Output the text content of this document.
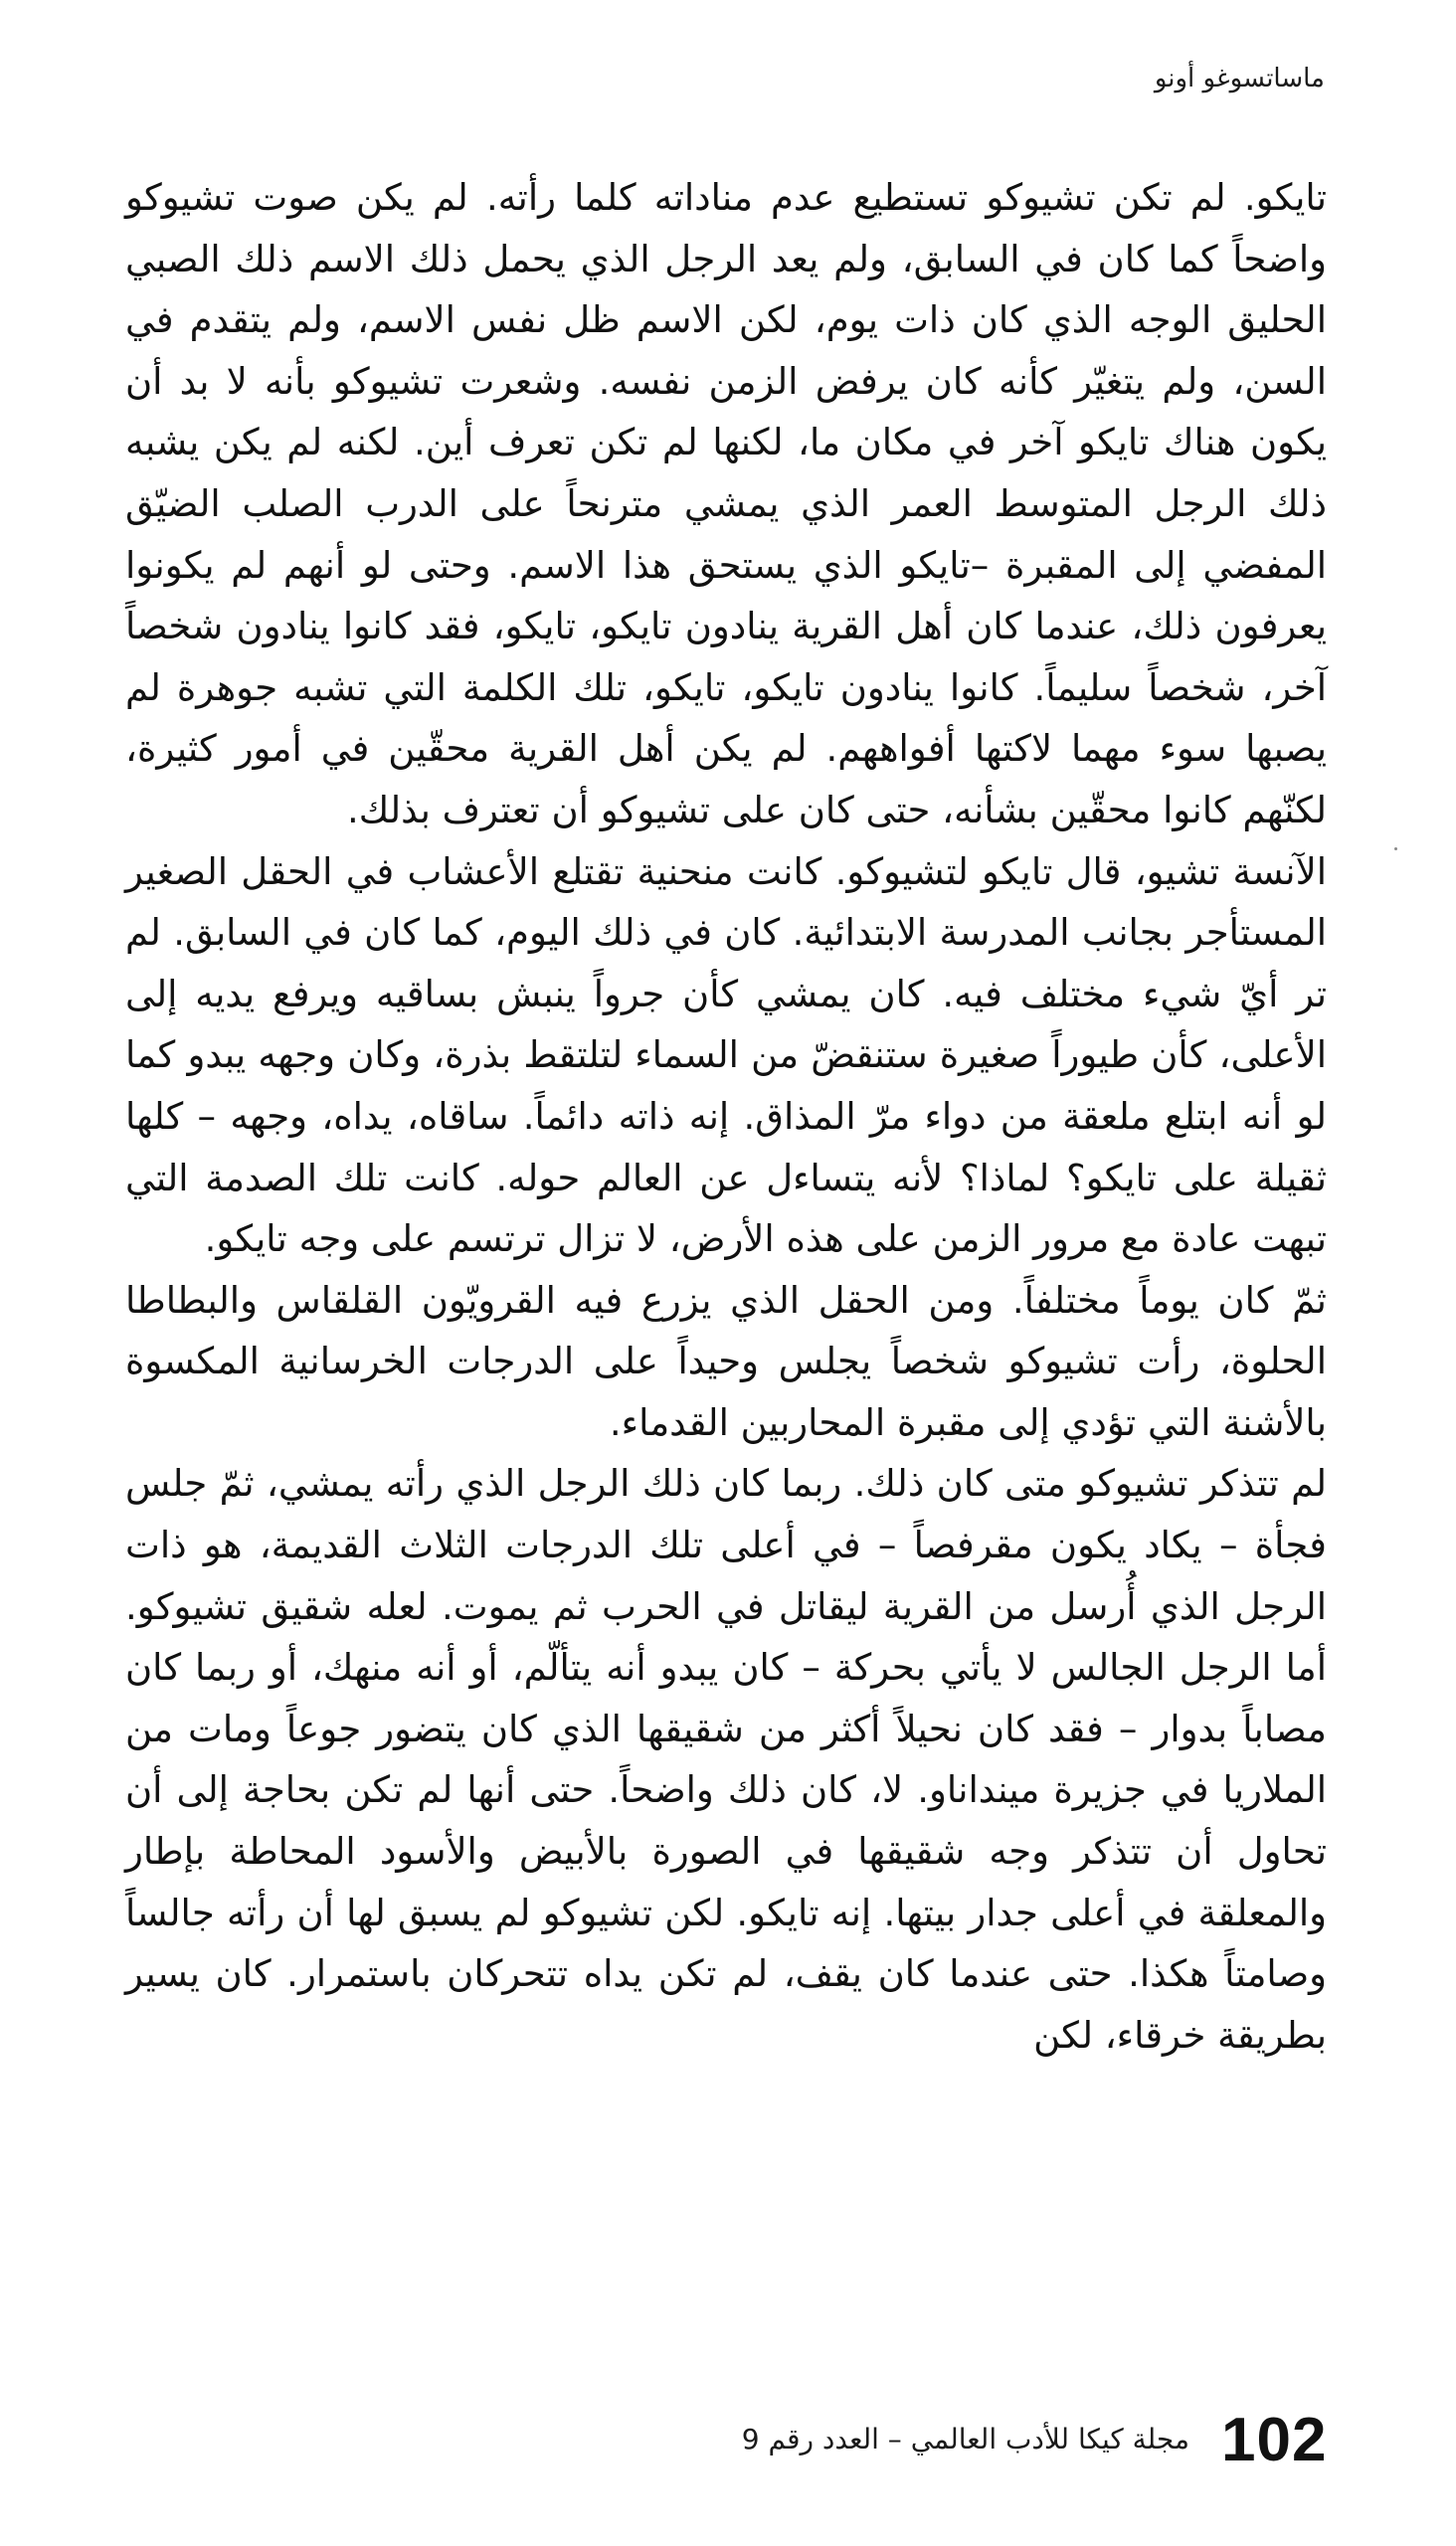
ماساتسوغو أونو

تايكو. لم تكن تشيوكو تستطيع عدم مناداته كلما رأته. لم يكن صوت تشيوكو واضحاً كما كان في السابق، ولم يعد الرجل الذي يحمل ذلك الاسم ذلك الصبي الحليق الوجه الذي كان ذات يوم، لكن الاسم ظل نفس الاسم، ولم يتقدم في السن، ولم يتغيّر كأنه كان يرفض الزمن نفسه. وشعرت تشيوكو بأنه لا بد أن يكون هناك تايكو آخر في مكان ما، لكنها لم تكن تعرف أين. لكنه لم يكن يشبه ذلك الرجل المتوسط العمر الذي يمشي مترنحاً على الدرب الصلب الضيّق المفضي إلى المقبرة –تايكو الذي يستحق هذا الاسم. وحتى لو أنهم لم يكونوا يعرفون ذلك، عندما كان أهل القرية ينادون تايكو، تايكو، فقد كانوا ينادون شخصاً آخر، شخصاً سليماً. كانوا ينادون تايكو، تايكو، تلك الكلمة التي تشبه جوهرة لم يصبها سوء مهما لاكتها أفواههم. لم يكن أهل القرية محقّين في أمور كثيرة، لكنّهم كانوا محقّين بشأنه، حتى كان على تشيوكو أن تعترف بذلك.

الآنسة تشيو، قال تايكو لتشيوكو. كانت منحنية تقتلع الأعشاب في الحقل الصغير المستأجر بجانب المدرسة الابتدائية. كان في ذلك اليوم، كما كان في السابق. لم تر أيّ شيء مختلف فيه. كان يمشي كأن جرواً ينبش بساقيه ويرفع يديه إلى الأعلى، كأن طيوراً صغيرة ستنقضّ من السماء لتلتقط بذرة، وكان وجهه يبدو كما لو أنه ابتلع ملعقة من دواء مرّ المذاق. إنه ذاته دائماً. ساقاه، يداه، وجهه – كلها ثقيلة على تايكو؟ لماذا؟ لأنه يتساءل عن العالم حوله. كانت تلك الصدمة التي تبهت عادة مع مرور الزمن على هذه الأرض، لا تزال ترتسم على وجه تايكو.

ثمّ كان يوماً مختلفاً. ومن الحقل الذي يزرع فيه القرويّون القلقاس والبطاطا الحلوة، رأت تشيوكو شخصاً يجلس وحيداً على الدرجات الخرسانية المكسوة بالأشنة التي تؤدي إلى مقبرة المحاربين القدماء.

لم تتذكر تشيوكو متى كان ذلك. ربما كان ذلك الرجل الذي رأته يمشي، ثمّ جلس فجأة – يكاد يكون مقرفصاً – في أعلى تلك الدرجات الثلاث القديمة، هو ذات الرجل الذي أُرسل من القرية ليقاتل في الحرب ثم يموت. لعله شقيق تشيوكو. أما الرجل الجالس لا يأتي بحركة – كان يبدو أنه يتألّم، أو أنه منهك، أو ربما كان مصاباً بدوار – فقد كان نحيلاً أكثر من شقيقها الذي كان يتضور جوعاً ومات من الملاريا في جزيرة مينداناو. لا، كان ذلك واضحاً. حتى أنها لم تكن بحاجة إلى أن تحاول أن تتذكر وجه شقيقها في الصورة بالأبيض والأسود المحاطة بإطار والمعلقة في أعلى جدار بيتها. إنه تايكو. لكن تشيوكو لم يسبق لها أن رأته جالساً وصامتاً هكذا. حتى عندما كان يقف، لم تكن يداه تتحركان باستمرار. كان يسير بطريقة خرقاء، لكن

102
مجلة كيكا للأدب العالمي – العدد رقم 9
